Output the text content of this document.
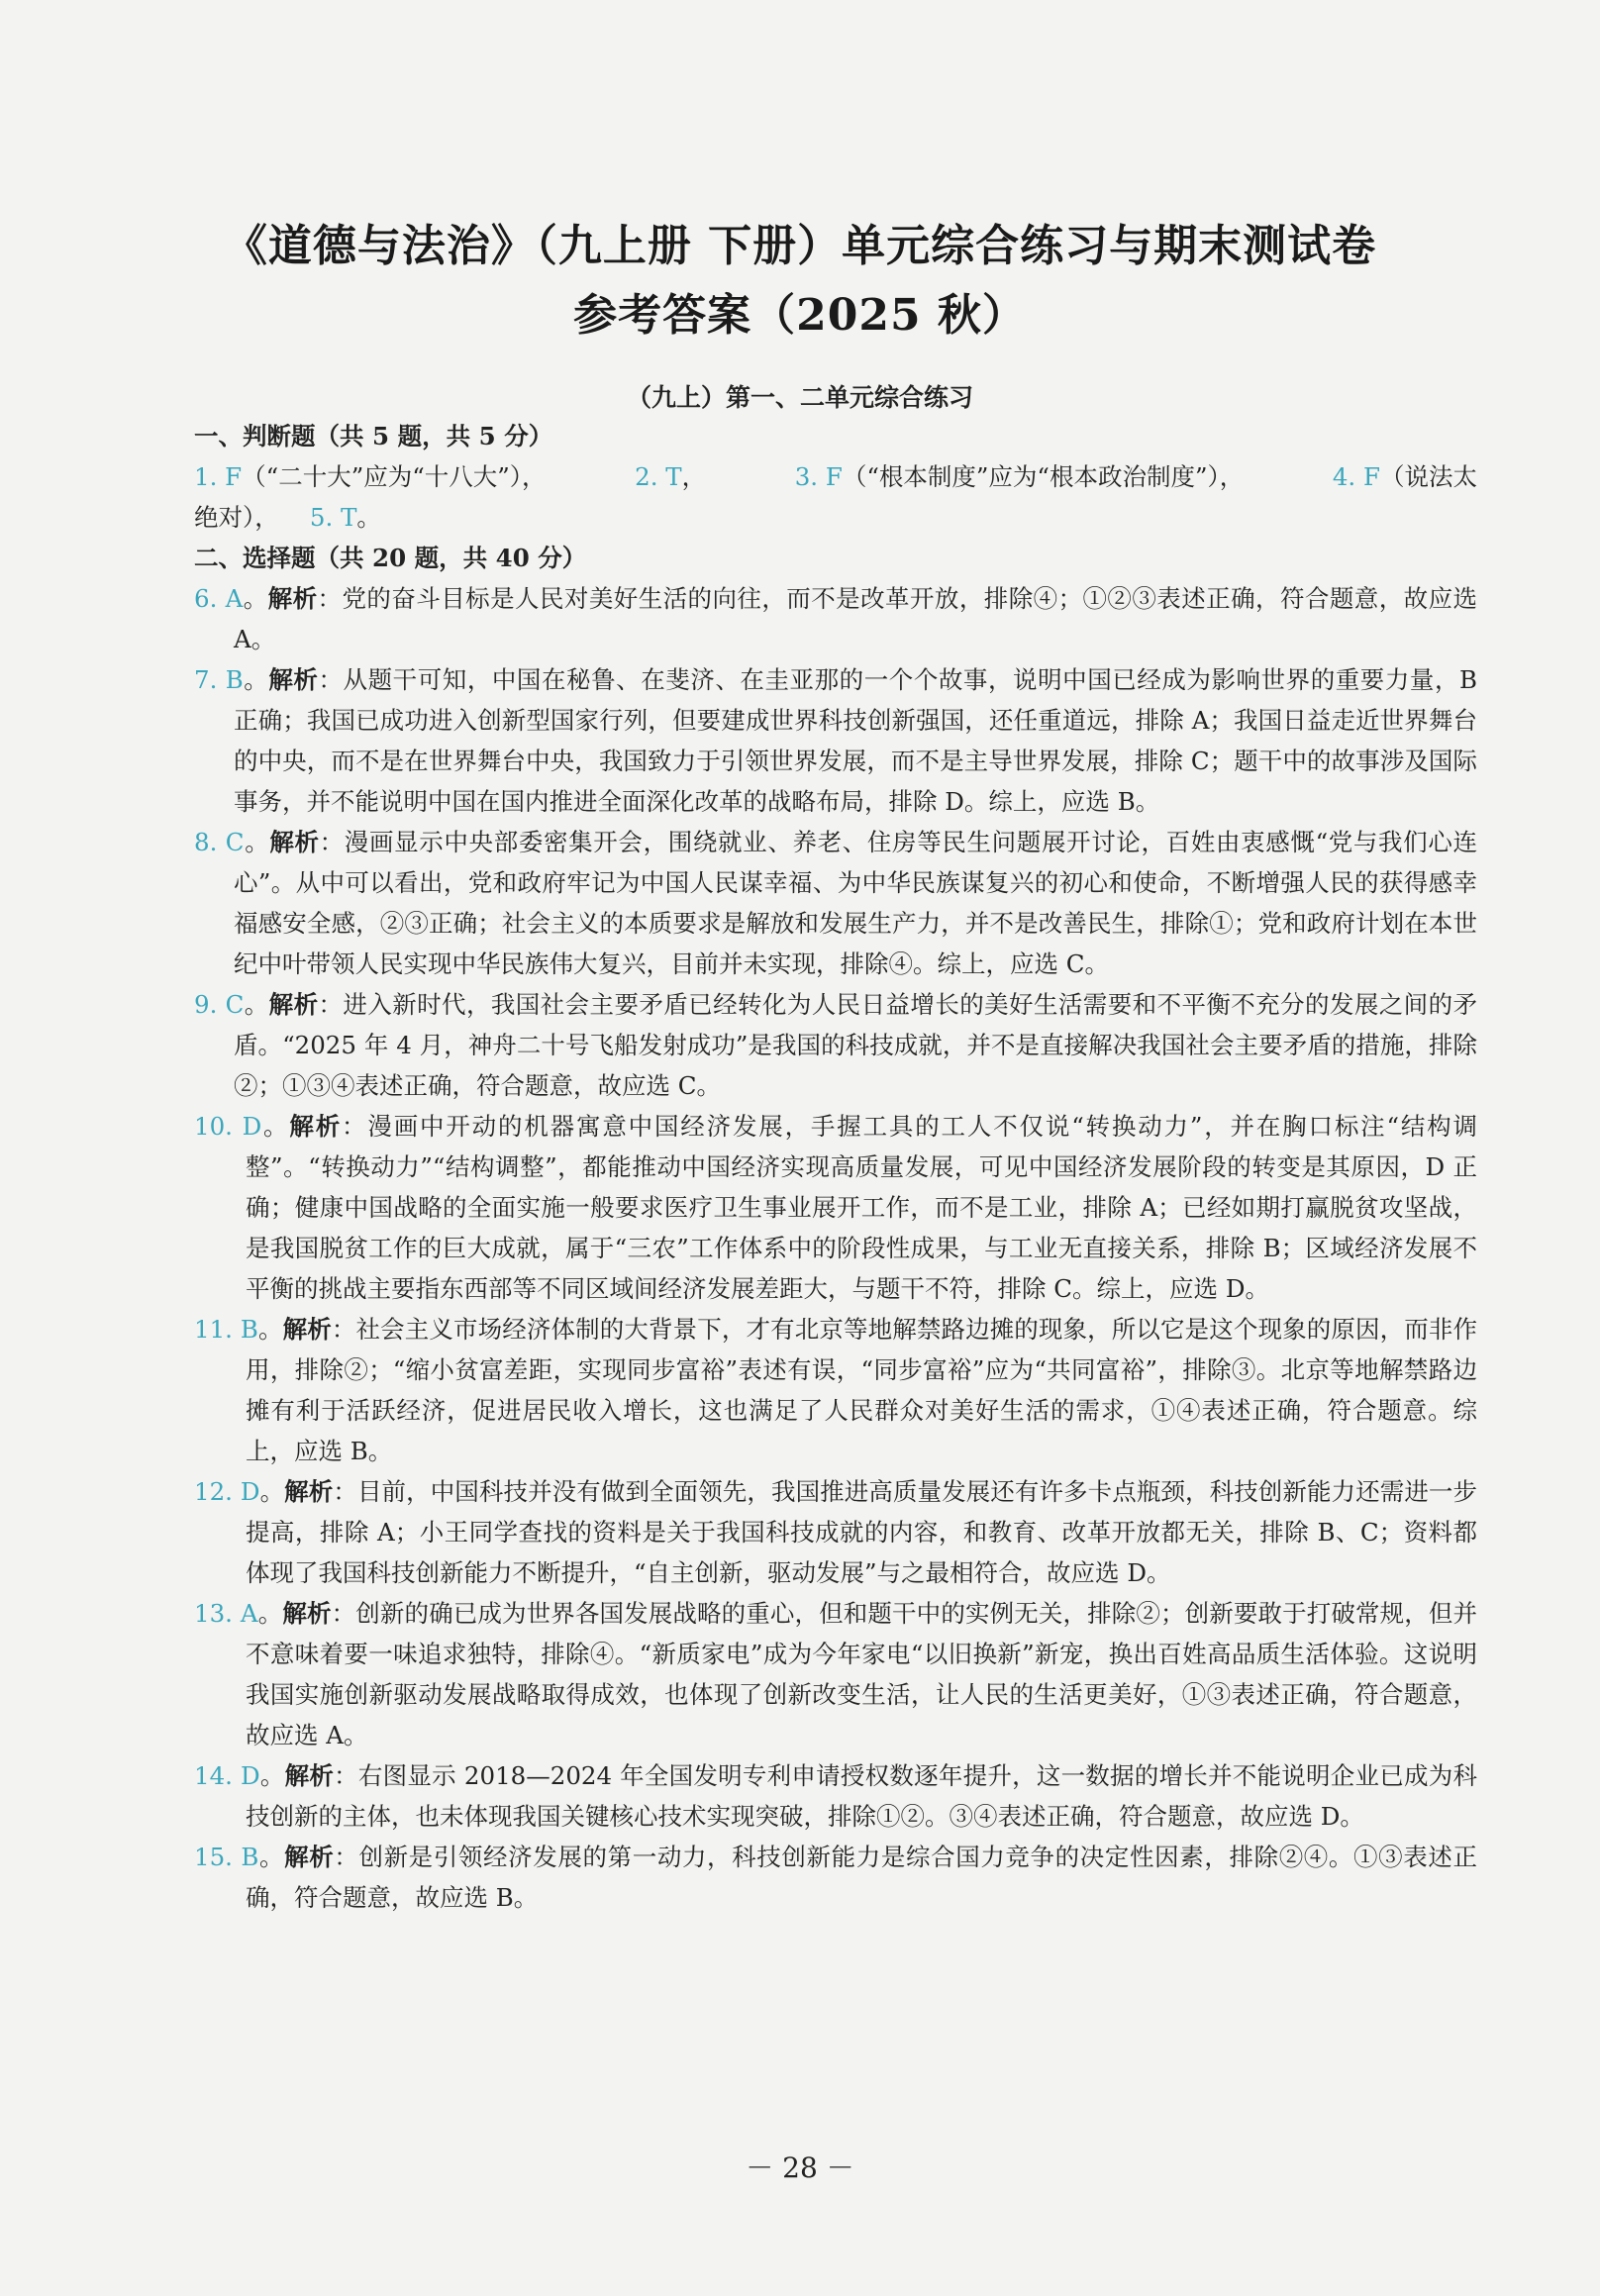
《道德与法治》（九上册 下册）单元综合练习与期末测试卷
参考答案（2025 秋）
（九上）第一、二单元综合练习
一、判断题（共 5 题，共 5 分）
1. F（“二十大”应为“十八大”），	2. T，	3. F（“根本制度”应为“根本政治制度”），	4. F（说法太
绝对）， 5. T。
二、选择题（共 20 题，共 40 分）
6. A。解析：党的奋斗目标是人民对美好生活的向往，而不是改革开放，排除④；①②③表述正确，符合题意，故应选 A。
7. B。解析：从题干可知，中国在秘鲁、在斐济、在圭亚那的一个个故事，说明中国已经成为影响世界的重要力量，B 正确；我国已成功进入创新型国家行列，但要建成世界科技创新强国，还任重道远，排除 A；我国日益走近世界舞台的中央，而不是在世界舞台中央，我国致力于引领世界发展，而不是主导世界发展，排除 C；题干中的故事涉及国际事务，并不能说明中国在国内推进全面深化改革的战略布局，排除 D。综上，应选 B。
8. C。解析：漫画显示中央部委密集开会，围绕就业、养老、住房等民生问题展开讨论，百姓由衷感慨“党与我们心连心”。从中可以看出，党和政府牢记为中国人民谋幸福、为中华民族谋复兴的初心和使命，不断增强人民的获得感幸福感安全感，②③正确；社会主义的本质要求是解放和发展生产力，并不是改善民生，排除①；党和政府计划在本世纪中叶带领人民实现中华民族伟大复兴，目前并未实现，排除④。综上，应选 C。
9. C。解析：进入新时代，我国社会主要矛盾已经转化为人民日益增长的美好生活需要和不平衡不充分的发展之间的矛盾。“2025 年 4 月，神舟二十号飞船发射成功”是我国的科技成就，并不是直接解决我国社会主要矛盾的措施，排除②；①③④表述正确，符合题意，故应选 C。
10. D。解析：漫画中开动的机器寓意中国经济发展，手握工具的工人不仅说“转换动力”，并在胸口标注“结构调整”。“转换动力”“结构调整”，都能推动中国经济实现高质量发展，可见中国经济发展阶段的转变是其原因，D 正确；健康中国战略的全面实施一般要求医疗卫生事业展开工作，而不是工业，排除 A；已经如期打赢脱贫攻坚战，是我国脱贫工作的巨大成就，属于“三农”工作体系中的阶段性成果，与工业无直接关系，排除 B；区域经济发展不平衡的挑战主要指东西部等不同区域间经济发展差距大，与题干不符，排除 C。综上，应选 D。
11. B。解析：社会主义市场经济体制的大背景下，才有北京等地解禁路边摊的现象，所以它是这个现象的原因，而非作用，排除②；“缩小贫富差距，实现同步富裕”表述有误，“同步富裕”应为“共同富裕”，排除③。北京等地解禁路边摊有利于活跃经济，促进居民收入增长，这也满足了人民群众对美好生活的需求，①④表述正确，符合题意。综上，应选 B。
12. D。解析：目前，中国科技并没有做到全面领先，我国推进高质量发展还有许多卡点瓶颈，科技创新能力还需进一步提高，排除 A；小王同学查找的资料是关于我国科技成就的内容，和教育、改革开放都无关，排除 B、C；资料都体现了我国科技创新能力不断提升，“自主创新，驱动发展”与之最相符合，故应选 D。
13. A。解析：创新的确已成为世界各国发展战略的重心，但和题干中的实例无关，排除②；创新要敢于打破常规，但并不意味着要一味追求独特，排除④。“新质家电”成为今年家电“以旧换新”新宠，换出百姓高品质生活体验。这说明我国实施创新驱动发展战略取得成效，也体现了创新改变生活，让人民的生活更美好，①③表述正确，符合题意，故应选 A。
14. D。解析：右图显示 2018—2024 年全国发明专利申请授权数逐年提升，这一数据的增长并不能说明企业已成为科技创新的主体，也未体现我国关键核心技术实现突破，排除①②。③④表述正确，符合题意，故应选 D。
15. B。解析：创新是引领经济发展的第一动力，科技创新能力是综合国力竞争的决定性因素，排除②④。①③表述正确，符合题意，故应选 B。
－ 28 －
